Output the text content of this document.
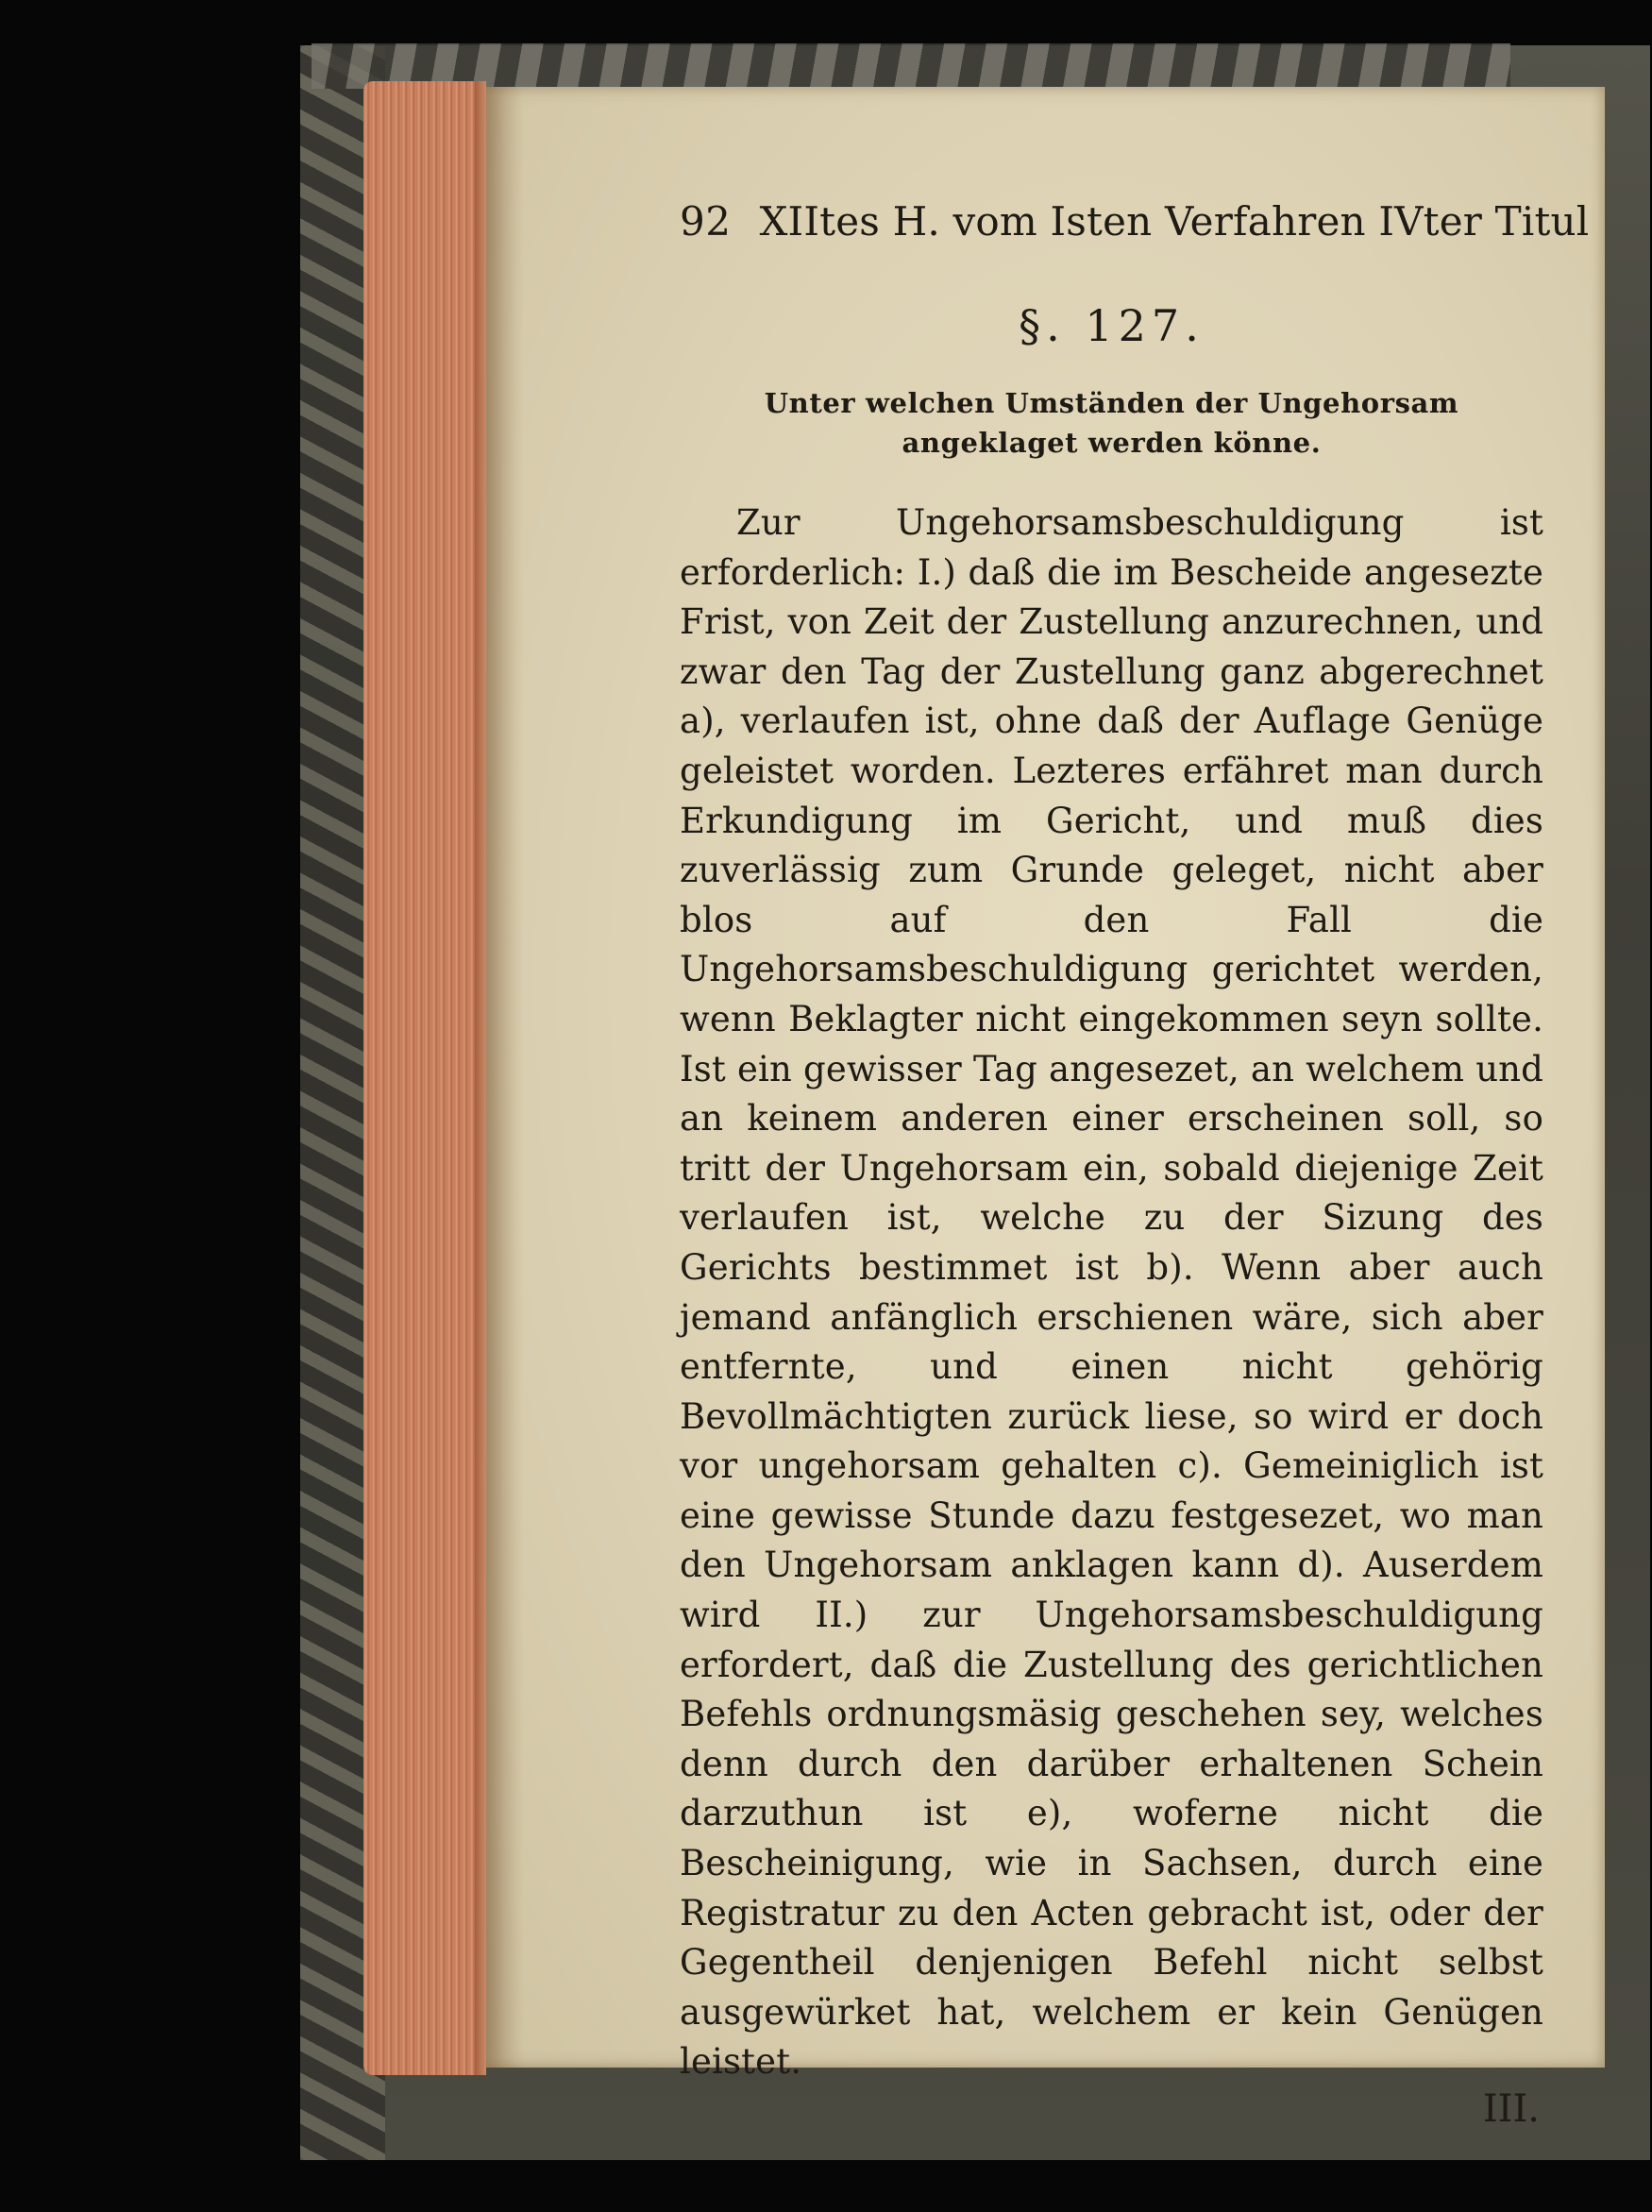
92 XIItes H. vom Isten Verfahren IVter Titul
§. 127.
Unter welchen Umständen der Ungehorsam angeklaget werden könne.
Zur Ungehorsamsbeschuldigung ist erforderlich: I.) daß die im Bescheide angesezte Frist, von Zeit der Zustellung anzurechnen, und zwar den Tag der Zustellung ganz abgerechnet a), verlaufen ist, ohne daß der Auflage Genüge geleistet worden. Lezteres erfähret man durch Erkundigung im Gericht, und muß dies zuverlässig zum Grunde geleget, nicht aber blos auf den Fall die Ungehorsamsbeschuldigung gerichtet werden, wenn Beklagter nicht eingekommen seyn sollte. Ist ein gewisser Tag angesezet, an welchem und an keinem anderen einer erscheinen soll, so tritt der Ungehorsam ein, sobald diejenige Zeit verlaufen ist, welche zu der Sizung des Gerichts bestimmet ist b). Wenn aber auch jemand anfänglich erschienen wäre, sich aber entfernte, und einen nicht gehörig Bevollmächtigten zurück liese, so wird er doch vor ungehorsam gehalten c). Gemeiniglich ist eine gewisse Stunde dazu festgesezet, wo man den Ungehorsam anklagen kann d). Auserdem wird II.) zur Ungehorsamsbeschuldigung erfordert, daß die Zustellung des gerichtlichen Befehls ordnungsmäsig geschehen sey, welches denn durch den darüber erhaltenen Schein darzuthun ist e), woferne nicht die Bescheinigung, wie in Sachsen, durch eine Registratur zu den Acten gebracht ist, oder der Gegentheil denjenigen Befehl nicht selbst ausgewürket hat, welchem er kein Genügen leistet.
III.
